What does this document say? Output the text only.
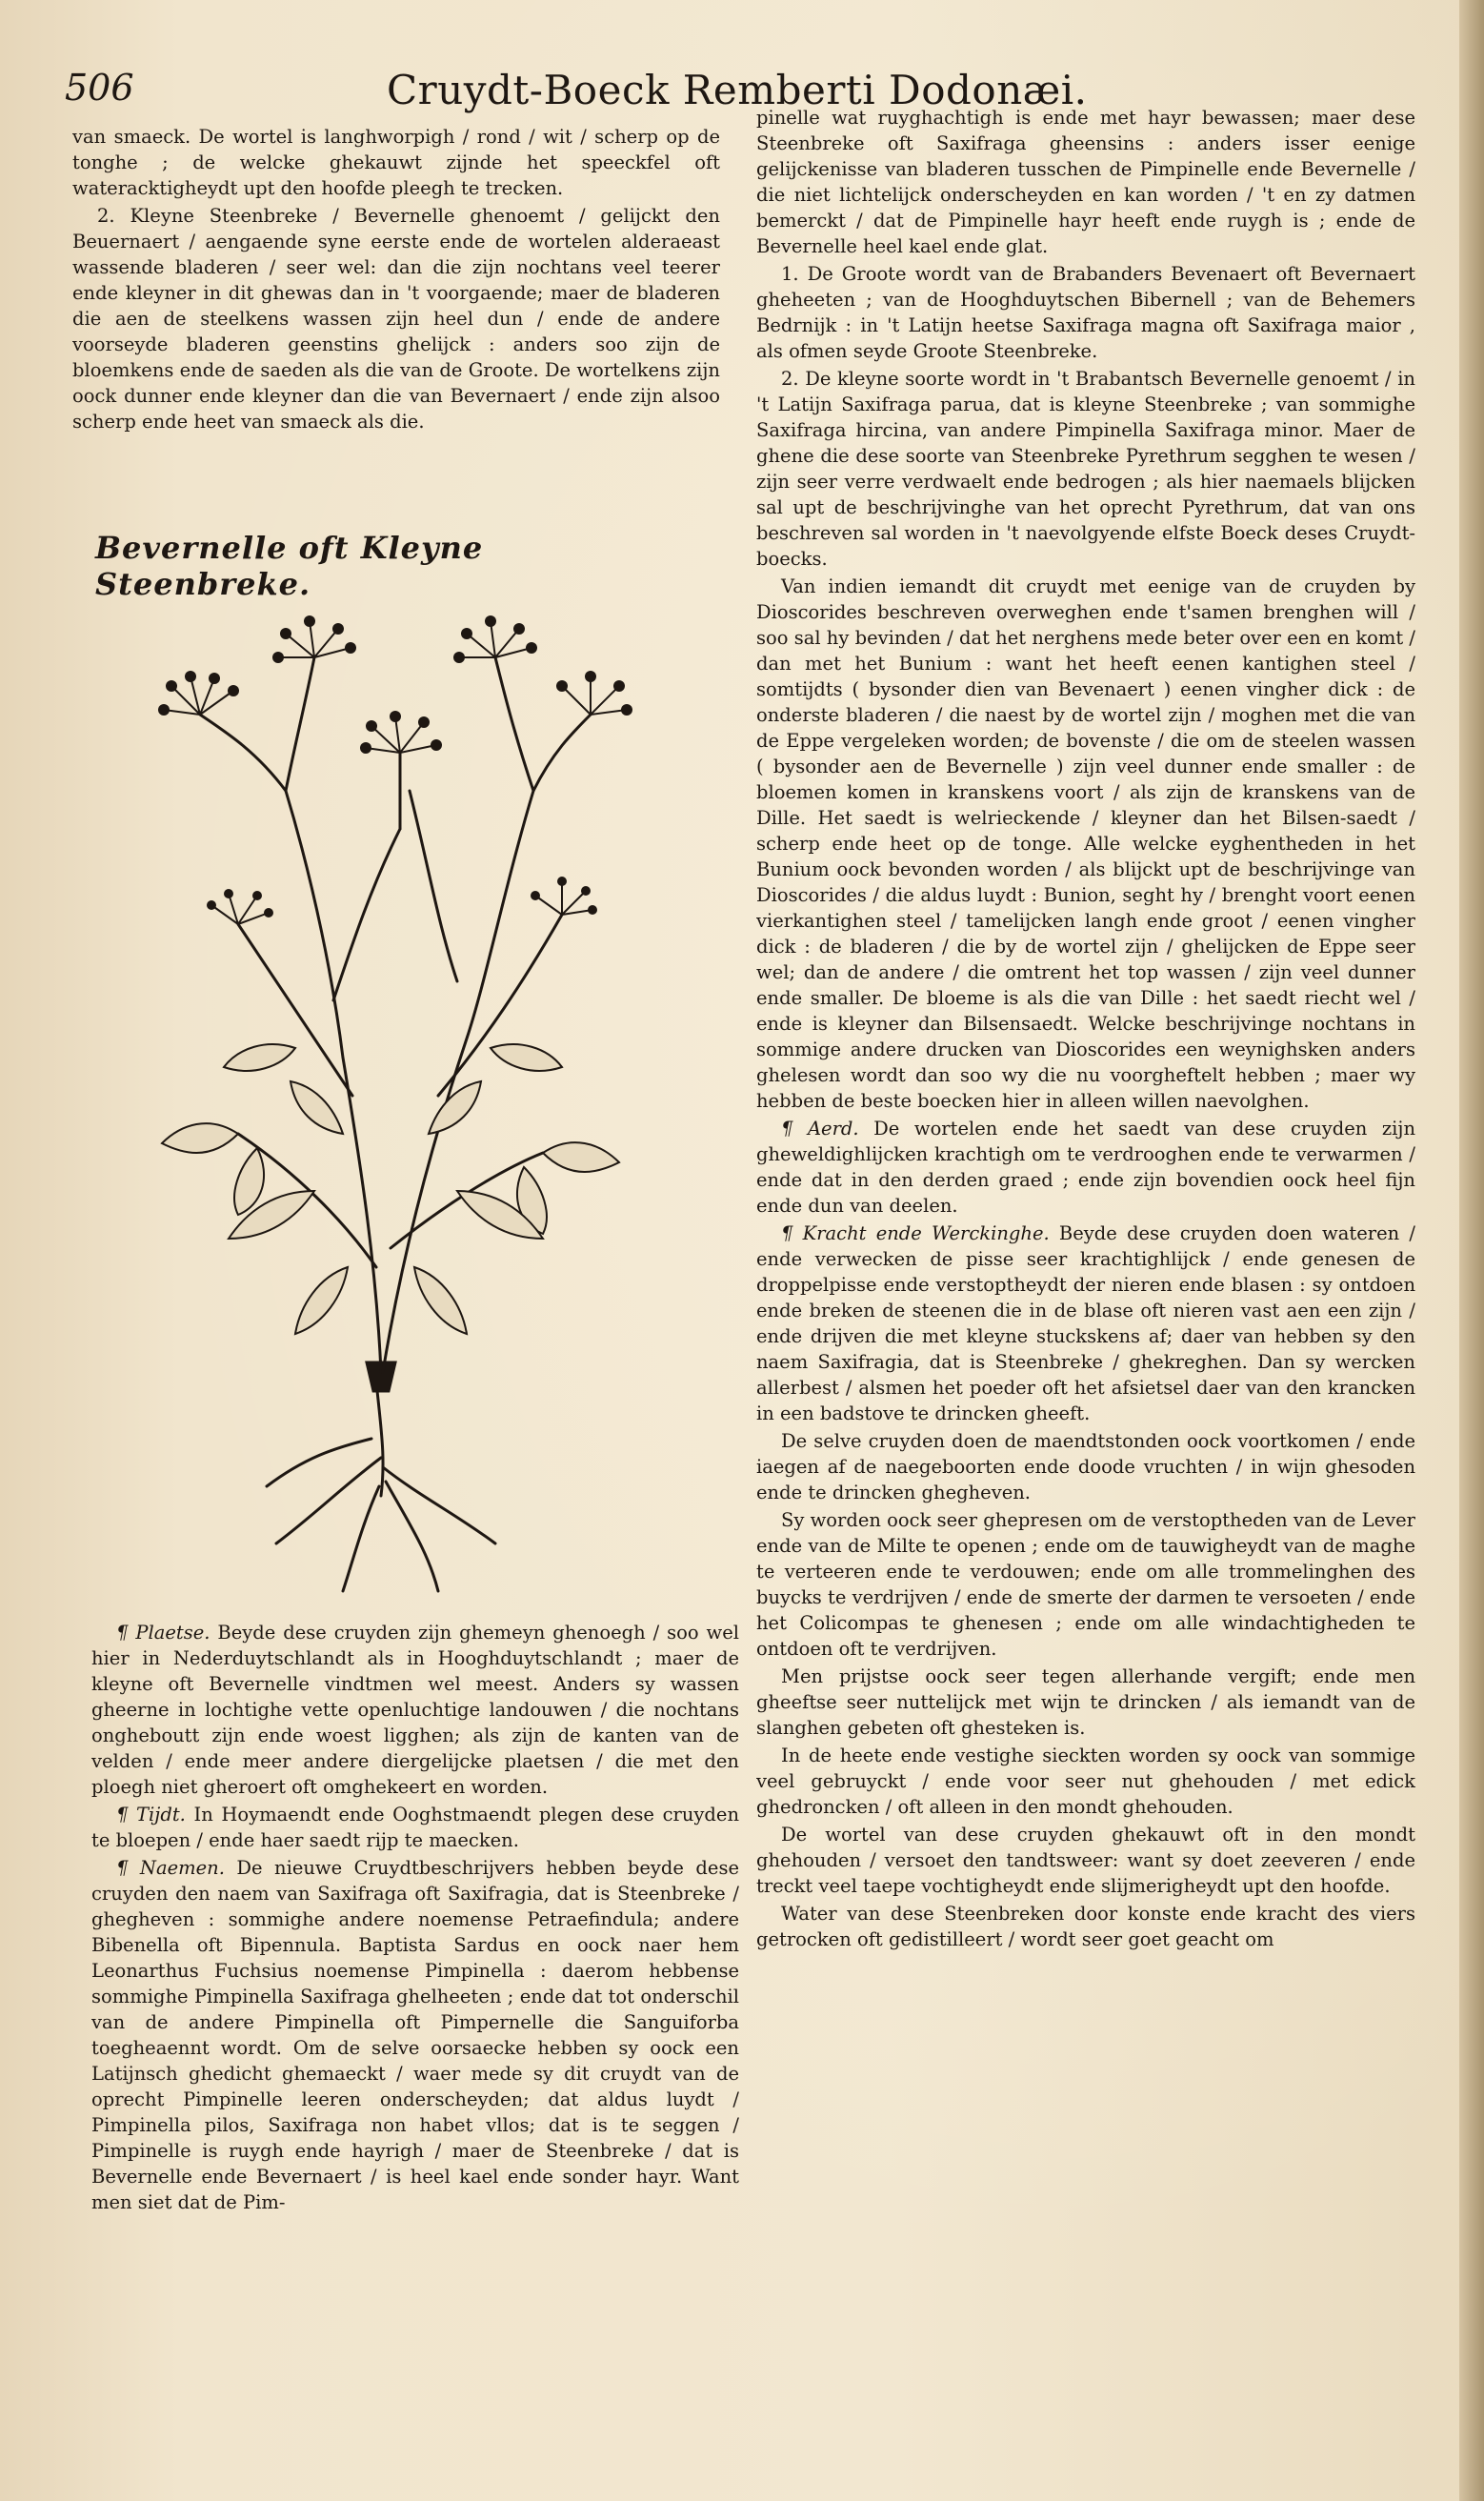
506	Cruydt-Boeck Remberti Dodonæi.

van smaeck. De wortel is langhworpigh / rond / wit / scherp op de tonghe ; de welcke ghekauwt zijnde het speeckfel oft wateracktigheydt upt den hoofde pleegh te trecken.

2. Kleyne Steenbreke / Bevernelle ghenoemt / gelijckt den Beuernaert / aengaende syne eerste ende de wortelen alderaeast wassende bladeren / seer wel: dan die zijn nochtans veel teerer ende kleyner in dit ghewas dan in 't voorgaende; maer de bladeren die aen de steelkens wassen zijn heel dun / ende de andere voorseyde bladeren geenstins ghelijck : anders soo zijn de bloemkens ende de saeden als die van de Groote. De wortelkens zijn oock dunner ende kleyner dan die van Bevernaert / ende zijn alsoo scherp ende heet van smaeck als die.

Bevernelle oft Kleyne Steenbreke.

¶ Plaetse. Beyde dese cruyden zijn ghemeyn ghenoegh / soo wel hier in Nederduytschlandt als in Hooghduytschlandt ; maer de kleyne oft Bevernelle vindtmen wel meest. Anders sy wassen gheerne in lochtighe vette openluchtige landouwen / die nochtans ongheboutt zijn ende woest ligghen; als zijn de kanten van de velden / ende meer andere diergelijcke plaetsen / die met den ploegh niet gheroert oft omghekeert en worden.

¶ Tijdt. In Hoymaendt ende Ooghstmaendt plegen dese cruyden te bloepen / ende haer saedt rijp te maecken.

¶ Naemen. De nieuwe Cruydtbeschrijvers hebben beyde dese cruyden den naem van Saxifraga oft Saxifragia, dat is Steenbreke / ghegheven : sommighe andere noemense Petraefindula; andere Bibenella oft Bipennula. Baptista Sardus en oock naer hem Leonarthus Fuchsius noemense Pimpinella : daerom hebbense sommighe Pimpinella Saxifraga ghelheeten ; ende dat tot onderschil van de andere Pimpinella oft Pimpernelle die Sanguiforba toegheaennt wordt. Om de selve oorsaecke hebben sy oock een Latijnsch ghedicht ghemaeckt / waer mede sy dit cruydt van de oprecht Pimpinelle leeren onderscheyden; dat aldus luydt / Pimpinella pilos, Saxifraga non habet vllos; dat is te seggen / Pimpinelle is ruygh ende hayrigh / maer de Steenbreke / dat is Bevernelle ende Bevernaert / is heel kael ende sonder hayr. Want men siet dat de Pim-

pinelle wat ruyghachtigh is ende met hayr bewassen; maer dese Steenbreke oft Saxifraga gheensins : anders isser eenige gelijckenisse van bladeren tusschen de Pimpinelle ende Bevernelle / die niet lichtelijck onderscheyden en kan worden / 't en zy datmen bemerckt / dat de Pimpinelle hayr heeft ende ruygh is ; ende de Bevernelle heel kael ende glat.

1. De Groote wordt van de Brabanders Bevenaert oft Bevernaert gheheeten ; van de Hooghduytschen Bibernell ; van de Behemers Bedrnijk : in 't Latijn heetse Saxifraga magna oft Saxifraga maior , als ofmen seyde Groote Steenbreke.

2. De kleyne soorte wordt in 't Brabantsch Bevernelle genoemt / in 't Latijn Saxifraga parua, dat is kleyne Steenbreke ; van sommighe Saxifraga hircina, van andere Pimpinella Saxifraga minor. Maer de ghene die dese soorte van Steenbreke Pyrethrum segghen te wesen / zijn seer verre verdwaelt ende bedrogen ; als hier naemaels blijcken sal upt de beschrijvinghe van het oprecht Pyrethrum, dat van ons beschreven sal worden in 't naevolgyende elfste Boeck deses Cruydt-boecks.

Van indien iemandt dit cruydt met eenige van de cruyden by Dioscorides beschreven overweghen ende t'samen brenghen will / soo sal hy bevinden / dat het nerghens mede beter over een en komt / dan met het Bunium : want het heeft eenen kantighen steel / somtijdts ( bysonder dien van Bevenaert ) eenen vingher dick : de onderste bladeren / die naest by de wortel zijn / moghen met die van de Eppe vergeleken worden; de bovenste / die om de steelen wassen ( bysonder aen de Bevernelle ) zijn veel dunner ende smaller : de bloemen komen in kranskens voort / als zijn de kranskens van de Dille. Het saedt is welrieckende / kleyner dan het Bilsen-saedt / scherp ende heet op de tonge. Alle welcke eyghentheden in het Bunium oock bevonden worden / als blijckt upt de beschrijvinge van Dioscorides / die aldus luydt : Bunion, seght hy / brenght voort eenen vierkantighen steel / tamelijcken langh ende groot / eenen vingher dick : de bladeren / die by de wortel zijn / ghelijcken de Eppe seer wel; dan de andere / die omtrent het top wassen / zijn veel dunner ende smaller. De bloeme is als die van Dille : het saedt riecht wel / ende is kleyner dan Bilsensaedt. Welcke beschrijvinge nochtans in sommige andere drucken van Dioscorides een weynighsken anders ghelesen wordt dan soo wy die nu voorgheftelt hebben ; maer wy hebben de beste boecken hier in alleen willen naevolghen.

¶ Aerd. De wortelen ende het saedt van dese cruyden zijn gheweldighlijcken krachtigh om te verdrooghen ende te verwarmen / ende dat in den derden graed ; ende zijn bovendien oock heel fijn ende dun van deelen.

¶ Kracht ende Werckinghe. Beyde dese cruyden doen wateren / ende verwecken de pisse seer krachtighlijck / ende genesen de droppelpisse ende verstoptheydt der nieren ende blasen : sy ontdoen ende breken de steenen die in de blase oft nieren vast aen een zijn / ende drijven die met kleyne stuckskens af; daer van hebben sy den naem Saxifragia, dat is Steenbreke / ghekreghen. Dan sy wercken allerbest / alsmen het poeder oft het afsietsel daer van den krancken in een badstove te drincken gheeft.

De selve cruyden doen de maendtstonden oock voortkomen / ende iaegen af de naegeboorten ende doode vruchten / in wijn ghesoden ende te drincken ghegheven.

Sy worden oock seer ghepresen om de verstoptheden van de Lever ende van de Milte te openen ; ende om de tauwigheydt van de maghe te verteeren ende te verdouwen; ende om alle trommelinghen des buycks te verdrijven / ende de smerte der darmen te versoeten / ende het Colicompas te ghenesen ; ende om alle windachtigheden te ontdoen oft te verdrijven.

Men prijstse oock seer tegen allerhande vergift; ende men gheeftse seer nuttelijck met wijn te drincken / als iemandt van de slanghen gebeten oft ghesteken is.

In de heete ende vestighe sieckten worden sy oock van sommige veel gebruyckt / ende voor seer nut ghehouden / met edick ghedroncken / oft alleen in den mondt ghehouden.

De wortel van dese cruyden ghekauwt oft in den mondt ghehouden / versoet den tandtsweer: want sy doet zeeveren / ende treckt veel taepe vochtigheydt ende slijmerigheydt upt den hoofde.

Water van dese Steenbreken door konste ende kracht des viers getrocken oft gedistilleert / wordt seer goet geacht om
